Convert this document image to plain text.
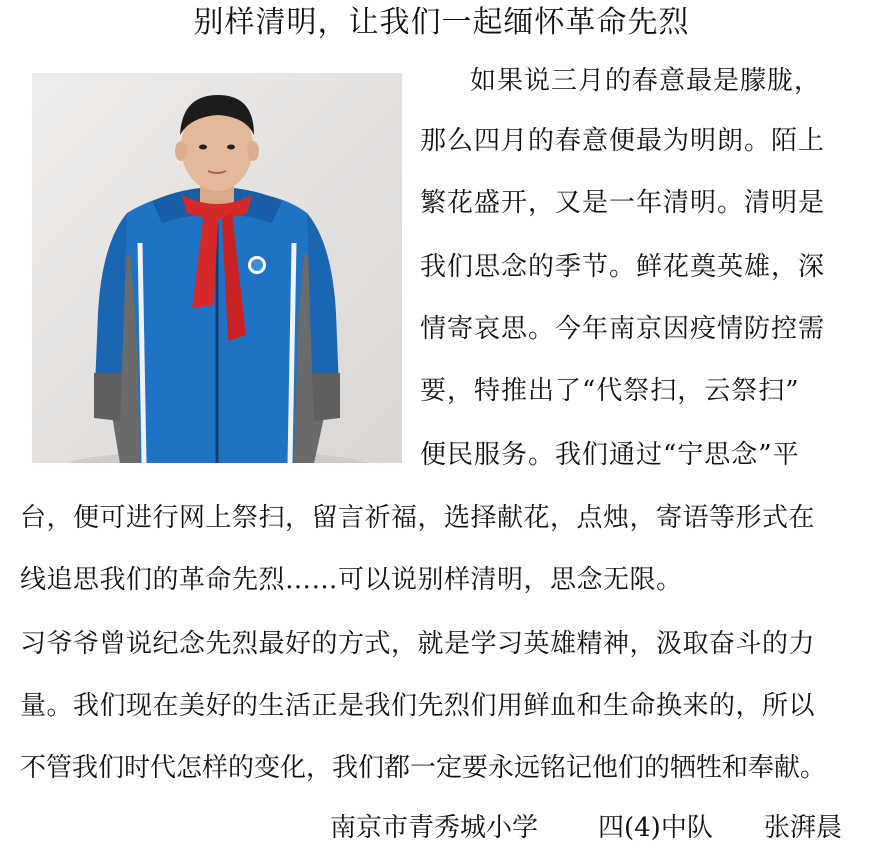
别样清明，让我们一起缅怀革命先烈
如果说三月的春意最是朦胧，
那么四月的春意便最为明朗。陌上
繁花盛开，又是一年清明。清明是
我们思念的季节。鲜花奠英雄，深
情寄哀思。今年南京因疫情防控需
要，特推出了“代祭扫，云祭扫”
便民服务。我们通过“宁思念”平
台，便可进行网上祭扫，留言祈福，选择献花，点烛，寄语等形式在
线追思我们的革命先烈……可以说别样清明，思念无限。
习爷爷曾说纪念先烈最好的方式，就是学习英雄精神，汲取奋斗的力
量。我们现在美好的生活正是我们先烈们用鲜血和生命换来的，所以
不管我们时代怎样的变化，我们都一定要永远铭记他们的牺牲和奉献。
南京市青秀城小学 四(4)中队 张湃晨
